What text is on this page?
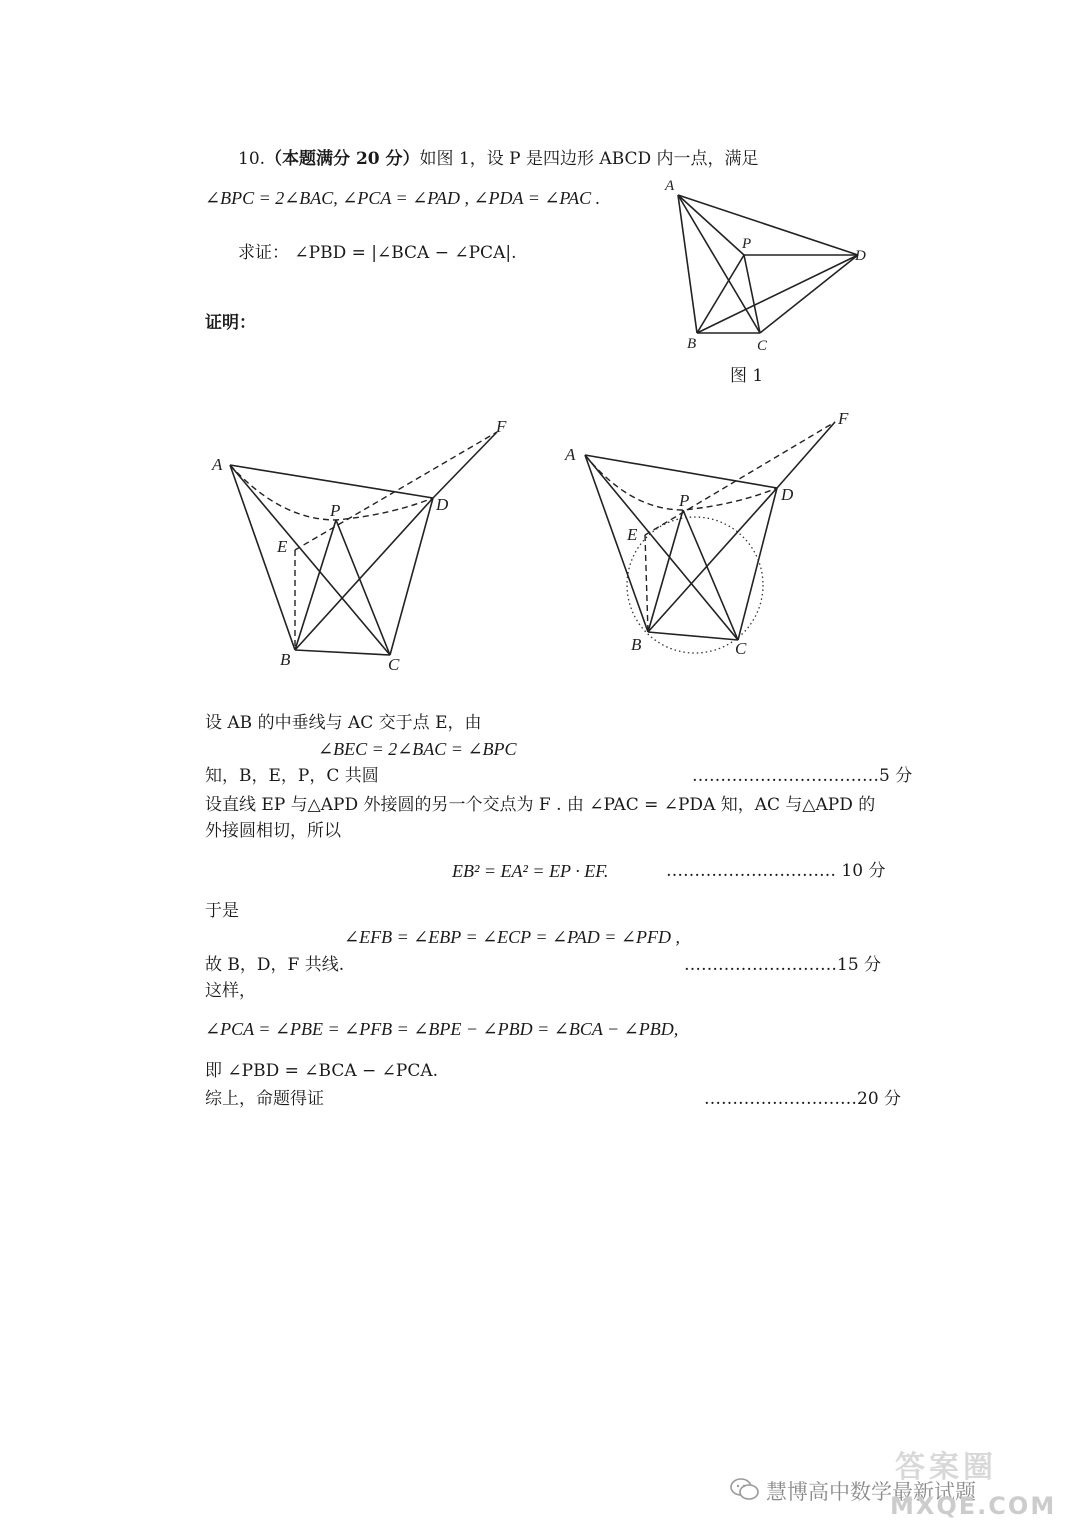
10.（本题满分 20 分）如图 1，设 P 是四边形 ABCD 内一点，满足
∠BPC = 2∠BAC, ∠PCA = ∠PAD , ∠PDA = ∠PAC .
求证： ∠PBD = |∠BCA − ∠PCA|.
证明：
A
P
D
B	C
图 1
A
F
D
P
E
B	C
A
F
D
P
E
B	C
设 AB 的中垂线与 AC 交于点 E，由
∠BEC = 2∠BAC = ∠BPC
知，B，E，P，C 共圆	……………………………5 分
设直线 EP 与△APD 外接圆的另一个交点为 F . 由 ∠PAC = ∠PDA 知，AC 与△APD 的
外接圆相切，所以
EB² = EA² = EP · EF.	………………………… 10 分
于是
∠EFB = ∠EBP = ∠ECP = ∠PAD = ∠PFD ,
故 B，D，F 共线.	………………………15 分
这样，
∠PCA = ∠PBE = ∠PFB = ∠BPE − ∠PBD = ∠BCA − ∠PBD,
即 ∠PBD = ∠BCA − ∠PCA.
综上，命题得证	………………………20 分
慧博高中数学最新试题
答案圈
MXQE.COM
